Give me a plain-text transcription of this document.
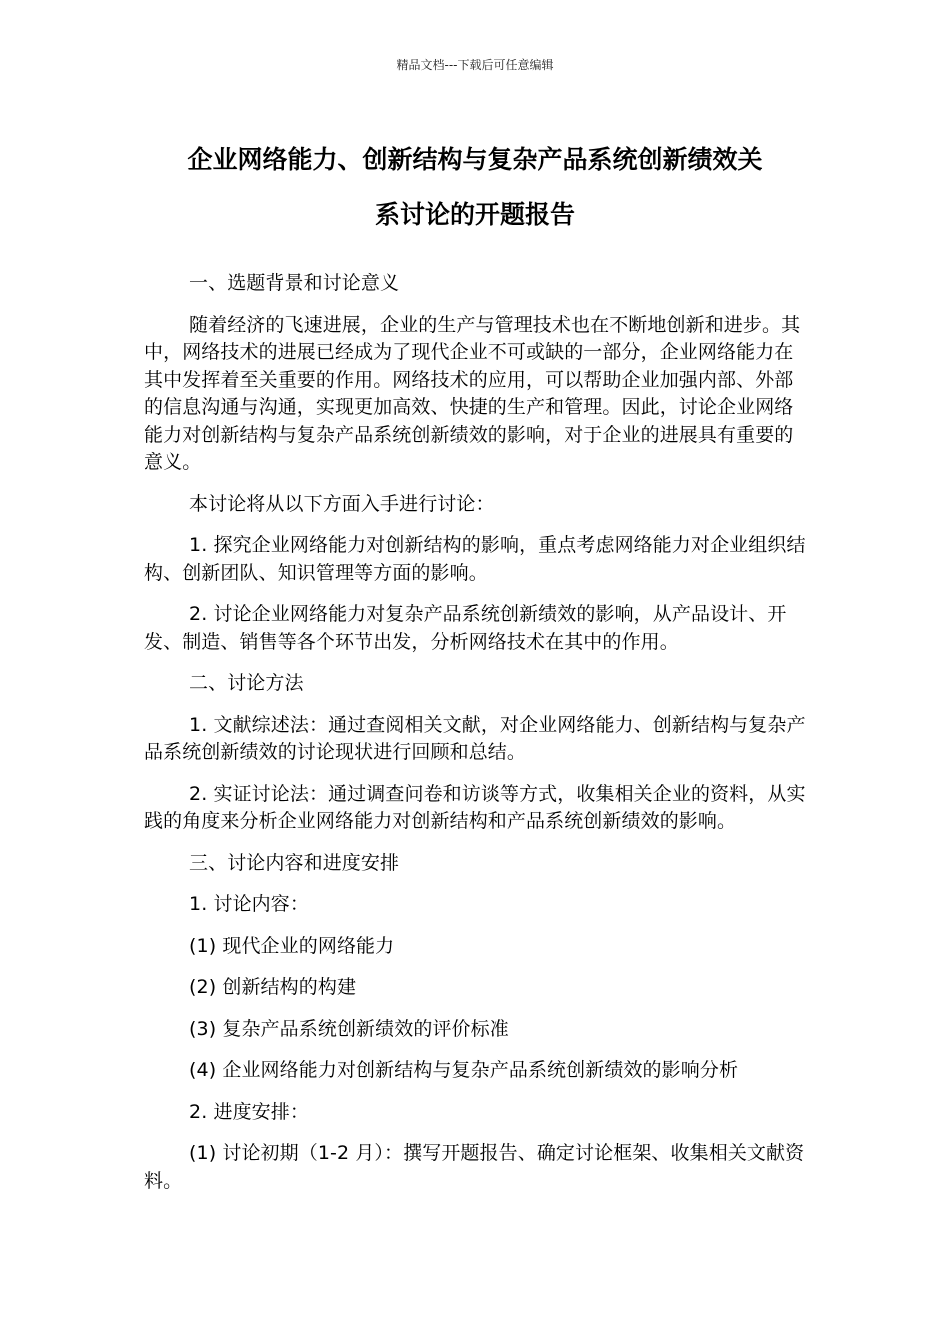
精品文档---下载后可任意编辑
企业网络能力、创新结构与复杂产品系统创新绩效关
系讨论的开题报告

一、选题背景和讨论意义

随着经济的飞速进展，企业的生产与管理技术也在不断地创新和进步。其中，网络技术的进展已经成为了现代企业不可或缺的一部分，企业网络能力在其中发挥着至关重要的作用。网络技术的应用，可以帮助企业加强内部、外部的信息沟通与沟通，实现更加高效、快捷的生产和管理。因此，讨论企业网络能力对创新结构与复杂产品系统创新绩效的影响，对于企业的进展具有重要的意义。

本讨论将从以下方面入手进行讨论：

1. 探究企业网络能力对创新结构的影响，重点考虑网络能力对企业组织结构、创新团队、知识管理等方面的影响。

2. 讨论企业网络能力对复杂产品系统创新绩效的影响，从产品设计、开发、制造、销售等各个环节出发，分析网络技术在其中的作用。

二、讨论方法

1. 文献综述法：通过查阅相关文献，对企业网络能力、创新结构与复杂产品系统创新绩效的讨论现状进行回顾和总结。

2. 实证讨论法：通过调查问卷和访谈等方式，收集相关企业的资料，从实践的角度来分析企业网络能力对创新结构和产品系统创新绩效的影响。

三、讨论内容和进度安排

1. 讨论内容：

(1) 现代企业的网络能力

(2) 创新结构的构建

(3) 复杂产品系统创新绩效的评价标准

(4) 企业网络能力对创新结构与复杂产品系统创新绩效的影响分析

2. 进度安排：

(1) 讨论初期（1-2 月）：撰写开题报告、确定讨论框架、收集相关文献资料。
